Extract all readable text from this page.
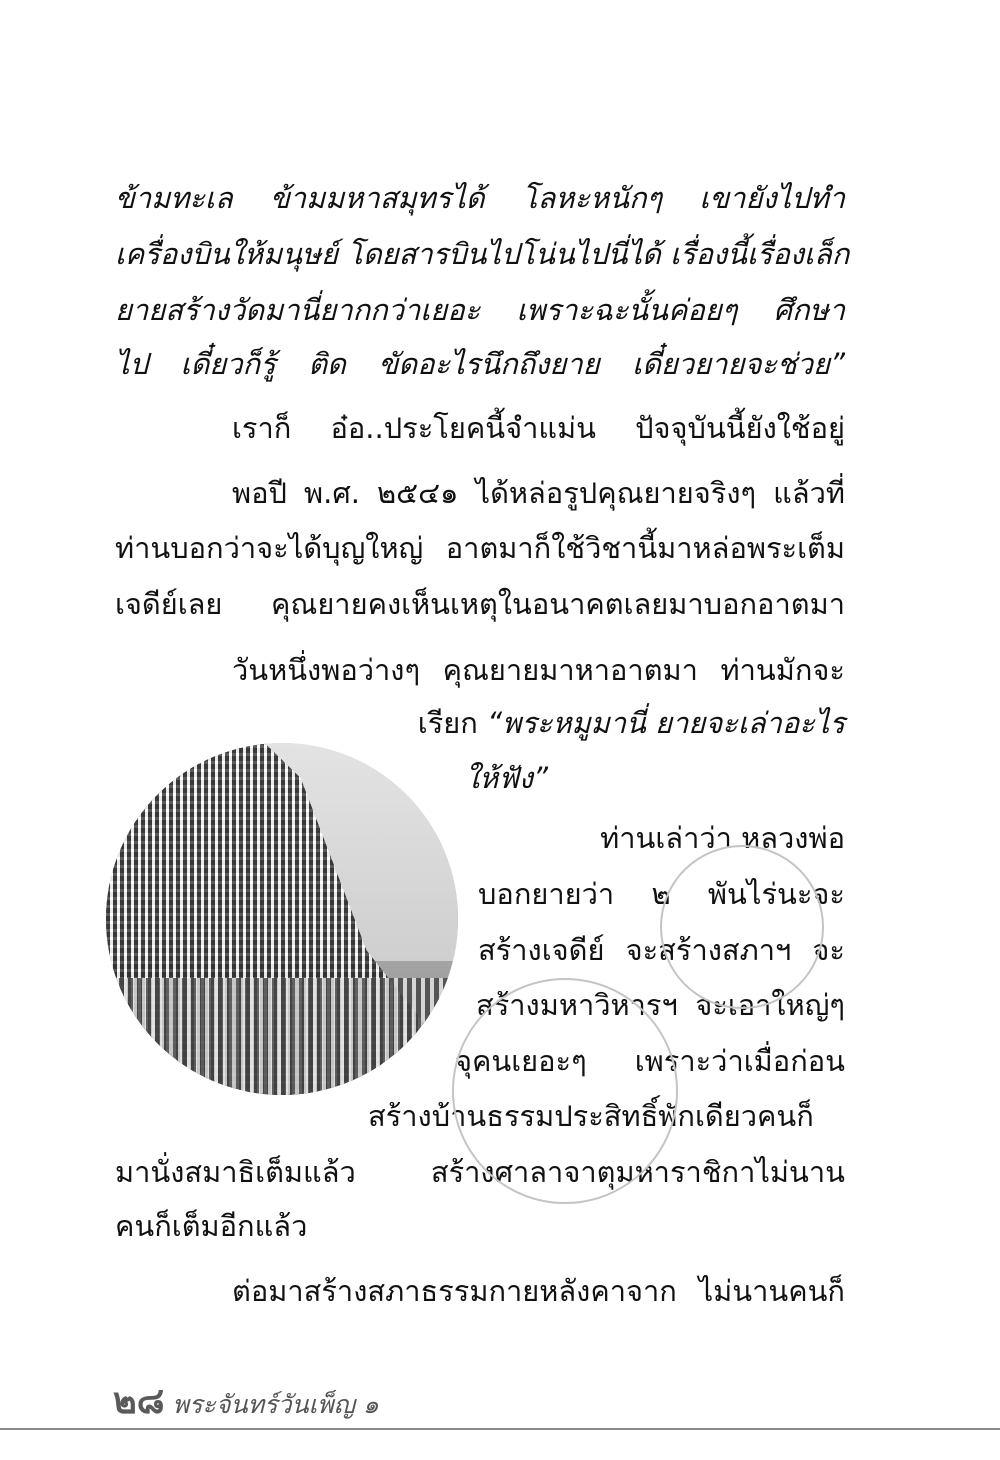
ข้ามทะเล ข้ามมหาสมุทรได้ โลหะหนักๆ เขายังไปทำ
เครื่องบินให้มนุษย์ โดยสารบินไปโน่นไปนี่ได้ เรื่องนี้เรื่องเล็ก
ยายสร้างวัดมานี่ยากกว่าเยอะ เพราะฉะนั้นค่อยๆ ศึกษา
ไป เดี๋ยวก็รู้ ติด ขัดอะไรนึกถึงยาย เดี๋ยวยายจะช่วย”
เราก็ อ๋อ..ประโยคนี้จำแม่น ปัจจุบันนี้ยังใช้อยู่
พอปี พ.ศ. ๒๕๔๑ ได้หล่อรูปคุณยายจริงๆ แล้วที่
ท่านบอกว่าจะได้บุญใหญ่ อาตมาก็ใช้วิชานี้มาหล่อพระเต็ม
เจดีย์เลย คุณยายคงเห็นเหตุในอนาคตเลยมาบอกอาตมา
วันหนึ่งพอว่างๆ คุณยายมาหาอาตมา ท่านมักจะ
เรียก “พระหมูมานี่ ยายจะเล่าอะไร
ให้ฟัง”
ท่านเล่าว่า หลวงพ่อ
บอกยายว่า ๒ พันไร่นะจะ
สร้างเจดีย์ จะสร้างสภาฯ จะ
สร้างมหาวิหารฯ จะเอาใหญ่ๆ
จุคนเยอะๆ เพราะว่าเมื่อก่อน
สร้างบ้านธรรมประสิทธิ์พักเดียวคนก็
มานั่งสมาธิเต็มแล้ว สร้างศาลาจาตุมหาราชิกาไม่นาน
คนก็เต็มอีกแล้ว
ต่อมาสร้างสภาธรรมกายหลังคาจาก ไม่นานคนก็
๒๘ พระจันทร์วันเพ็ญ ๑
